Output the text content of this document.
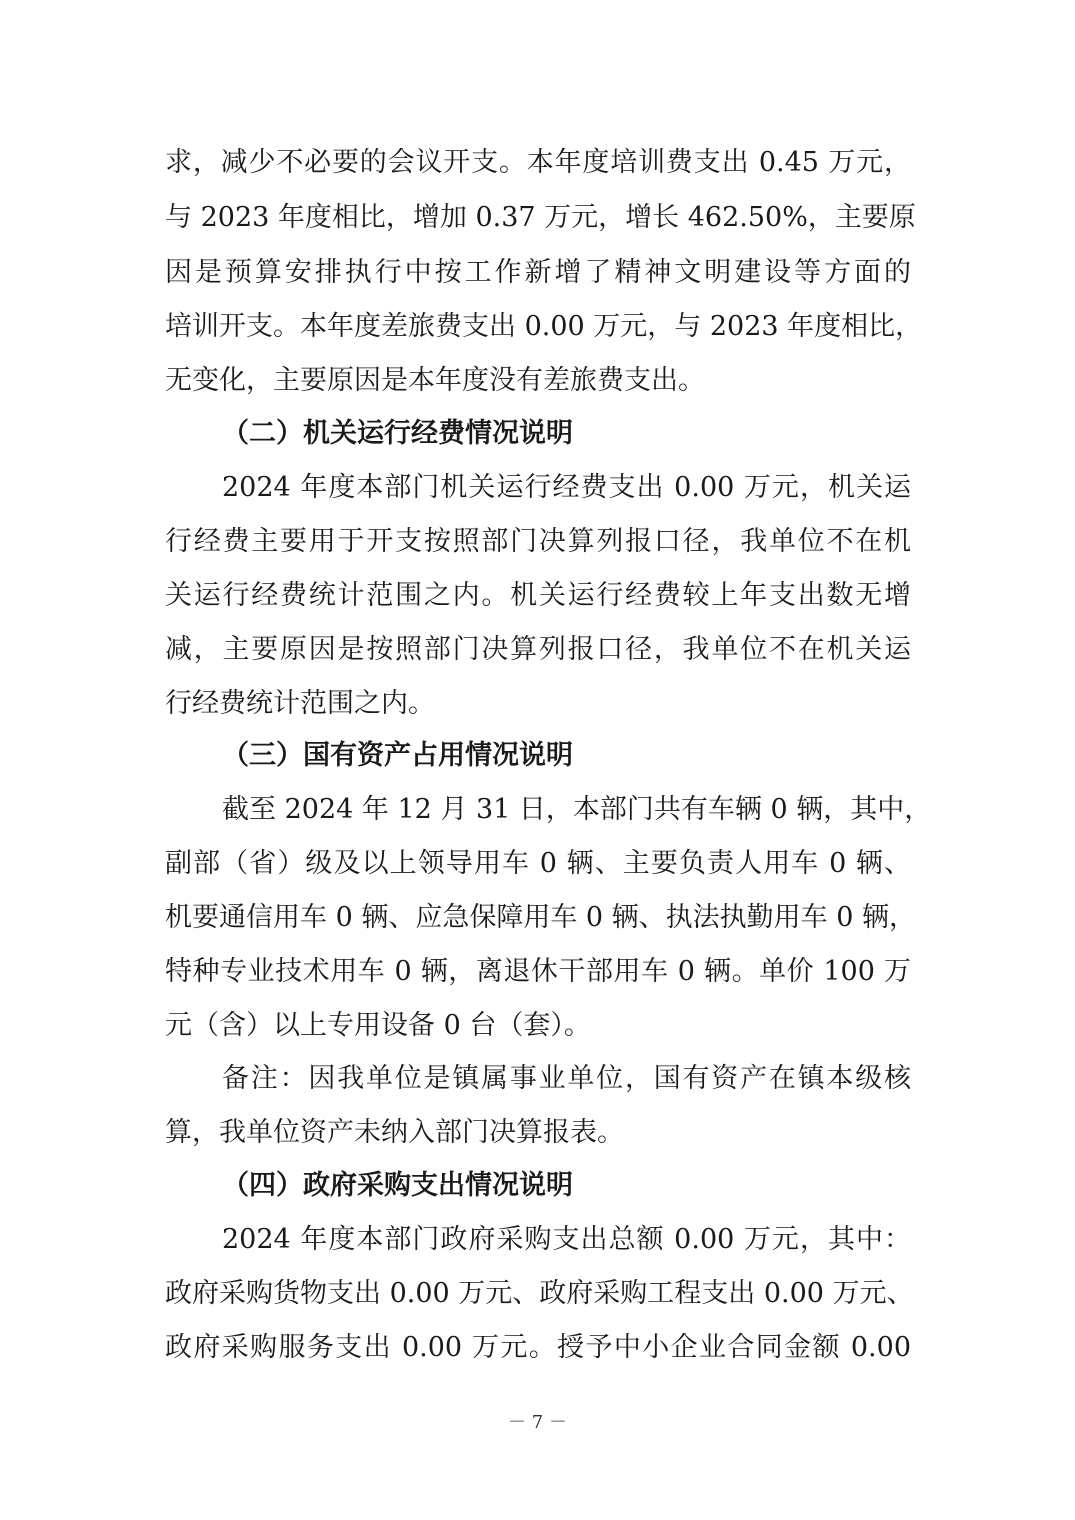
求，减少不必要的会议开支。本年度培训费支出 0.45 万元，
与 2023 年度相比，增加 0.37 万元，增长 462.50%，主要原
因是预算安排执行中按工作新增了精神文明建设等方面的
培训开支。本年度差旅费支出 0.00 万元，与 2023 年度相比，
无变化，主要原因是本年度没有差旅费支出。
（二）机关运行经费情况说明
2024 年度本部门机关运行经费支出 0.00 万元，机关运
行经费主要用于开支按照部门决算列报口径，我单位不在机
关运行经费统计范围之内。机关运行经费较上年支出数无增
减，主要原因是按照部门决算列报口径，我单位不在机关运
行经费统计范围之内。
（三）国有资产占用情况说明
截至 2024 年 12 月 31 日，本部门共有车辆 0 辆，其中，
副部（省）级及以上领导用车 0 辆、主要负责人用车 0 辆、
机要通信用车 0 辆、应急保障用车 0 辆、执法执勤用车 0 辆，
特种专业技术用车 0 辆，离退休干部用车 0 辆。单价 100 万
元（含）以上专用设备 0 台（套）。
备注：因我单位是镇属事业单位，国有资产在镇本级核
算，我单位资产未纳入部门决算报表。
（四）政府采购支出情况说明
2024 年度本部门政府采购支出总额 0.00 万元，其中：
政府采购货物支出 0.00 万元、政府采购工程支出 0.00 万元、
政府采购服务支出 0.00 万元。授予中小企业合同金额 0.00
－ 7 －
